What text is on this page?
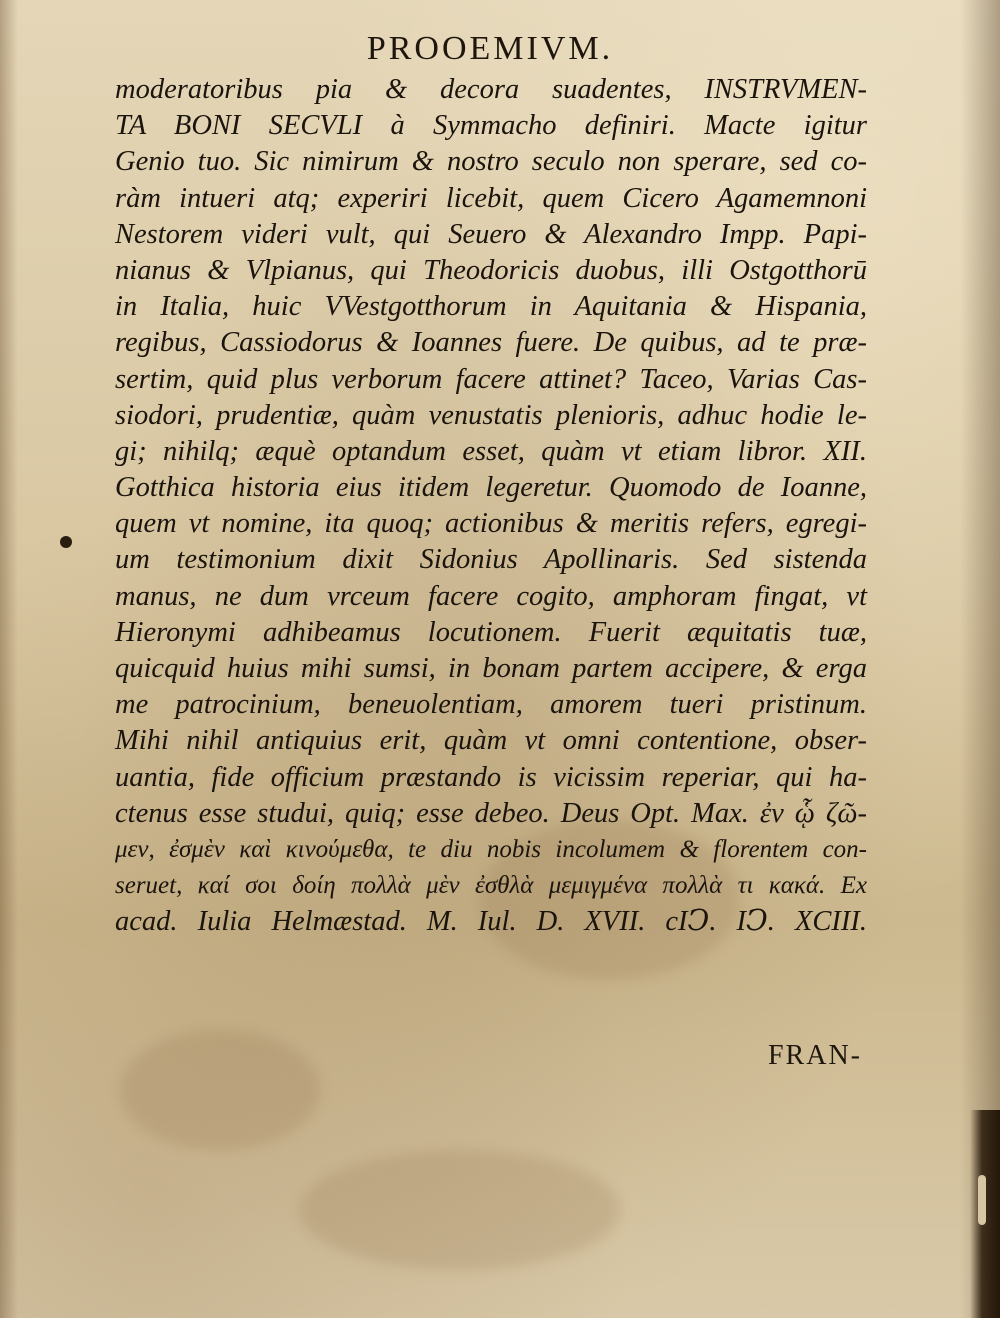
PROOEMIVM.
moderatoribus pia & decora suadentes, INSTRVMEN-
TA BONI SECVLI à Symmacho definiri. Macte igitur
Genio tuo. Sic nimirum & nostro seculo non sperare, sed co-
ràm intueri atq; experiri licebit, quem Cicero Agamemnoni
Nestorem videri vult, qui Seuero & Alexandro Impp. Papi-
nianus & Vlpianus, qui Theodoricis duobus, illi Ostgotthorū
in Italia, huic VVestgotthorum in Aquitania & Hispania,
regibus, Cassiodorus & Ioannes fuere. De quibus, ad te præ-
sertim, quid plus verborum facere attinet? Taceo, Varias Cas-
siodori, prudentiæ, quàm venustatis plenioris, adhuc hodie le-
gi; nihilq; æquè optandum esset, quàm vt etiam libror. XII.
Gotthica historia eius itidem legeretur. Quomodo de Ioanne,
quem vt nomine, ita quoq; actionibus & meritis refers, egregi-
um testimonium dixit Sidonius Apollinaris. Sed sistenda
manus, ne dum vrceum facere cogito, amphoram fingat, vt
Hieronymi adhibeamus locutionem. Fuerit æquitatis tuæ,
quicquid huius mihi sumsi, in bonam partem accipere, & erga
me patrocinium, beneuolentiam, amorem tueri pristinum.
Mihi nihil antiquius erit, quàm vt omni contentione, obser-
uantia, fide officium præstando is vicissim reperiar, qui ha-
ctenus esse studui, quiq; esse debeo. Deus Opt. Max. ἐν ᾧ ζῶ-
μεν, ἐσμὲν καὶ κινούμεθα, te diu nobis incolumem & florentem con-
seruet, καί σοι δοίη πολλὰ μὲν ἐσθλὰ μεμιγμένα πολλὰ τι κακά. Ex
acad. Iulia Helmæstad. M. Iul. D. XVII. cIↃ. IↃ. XCIII.
FRAN-
